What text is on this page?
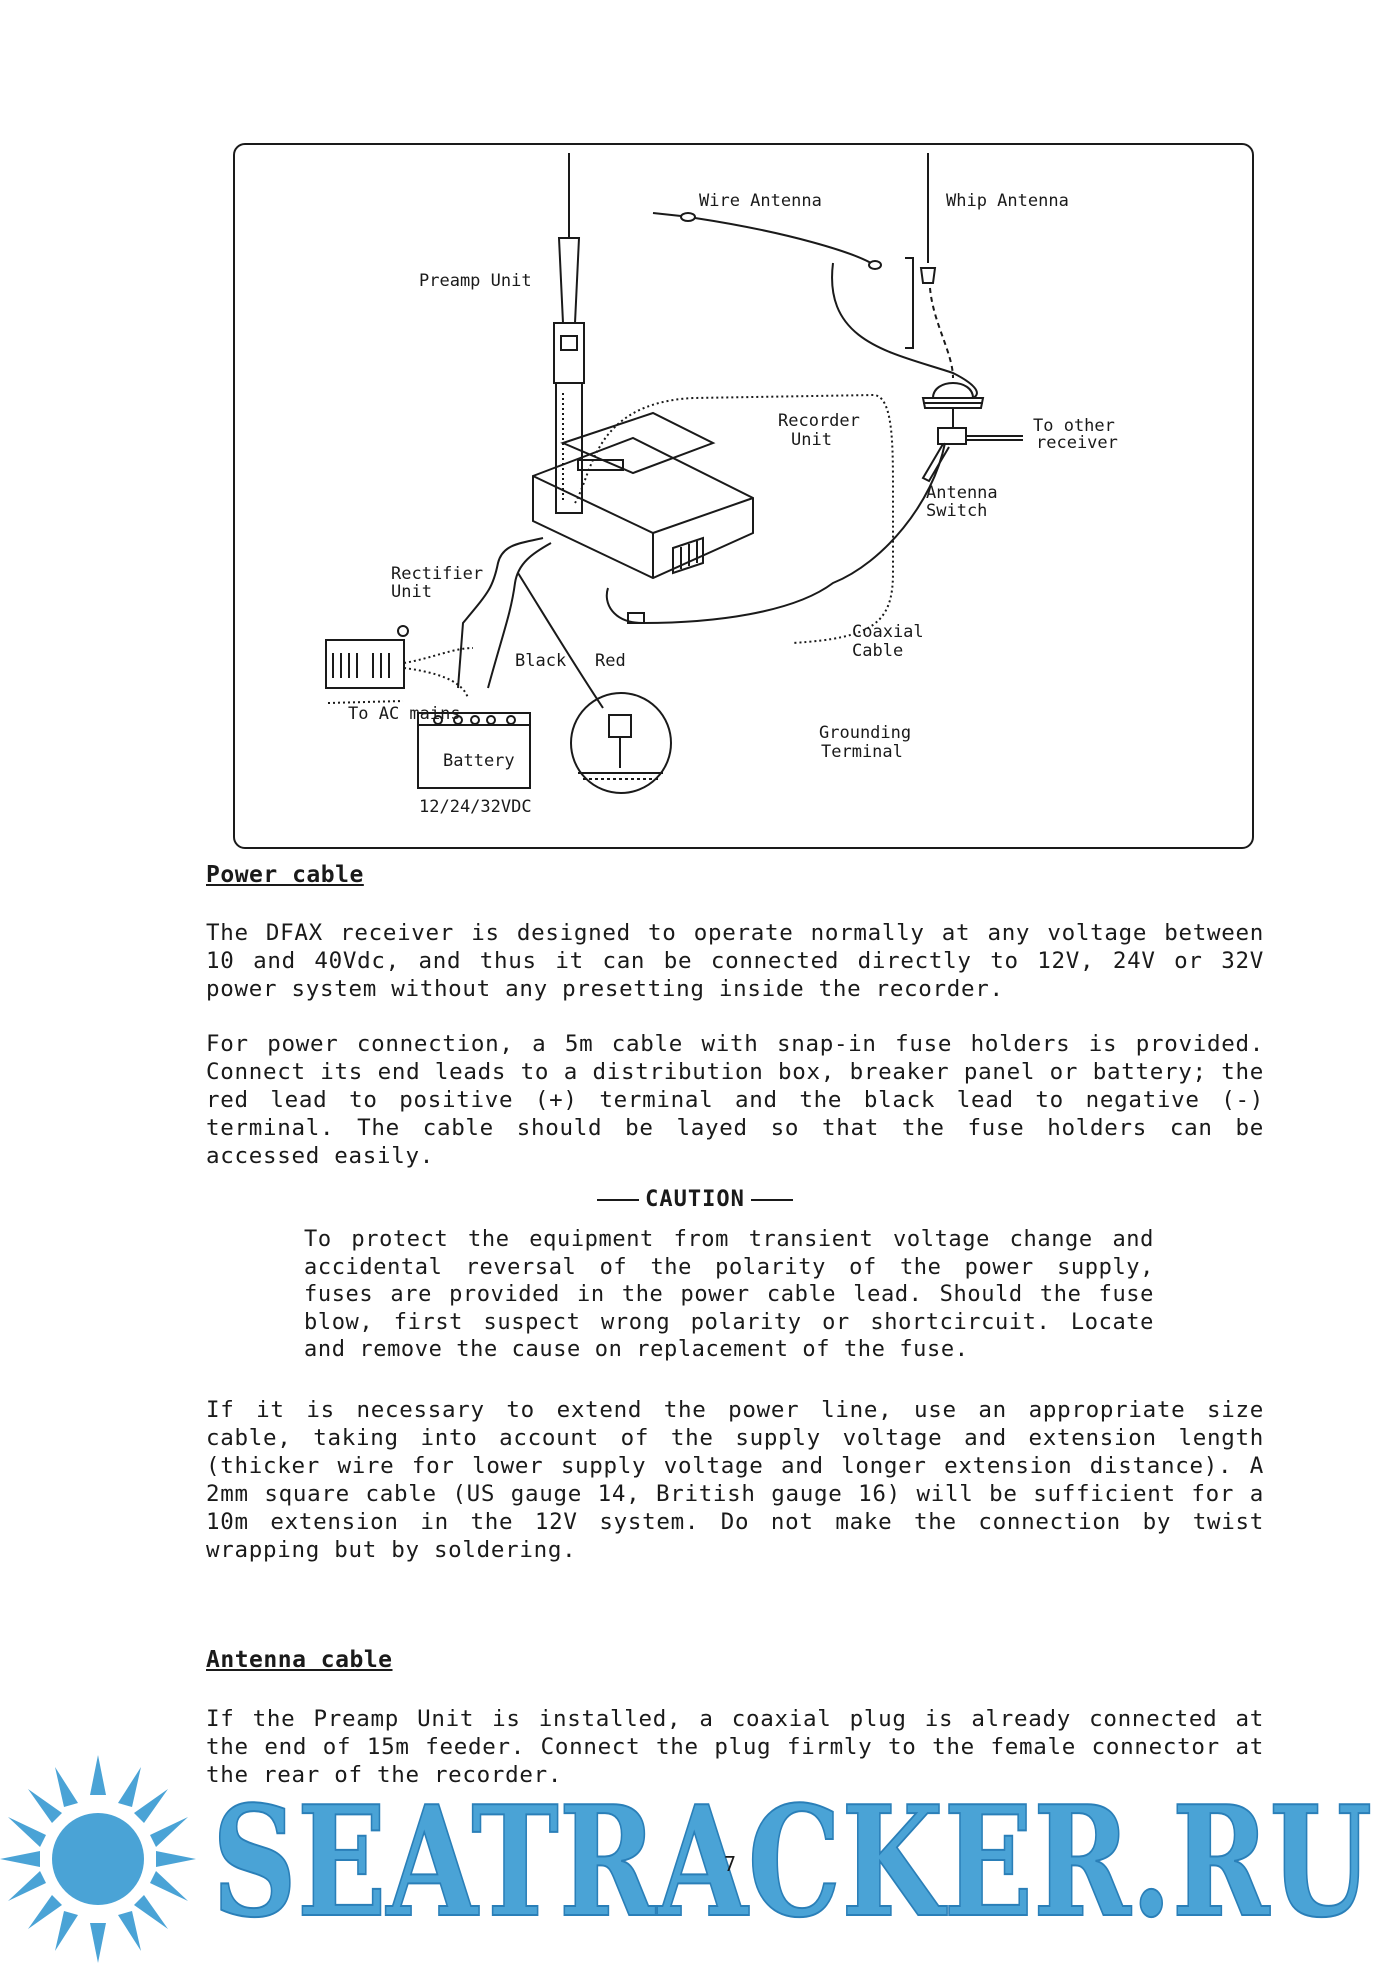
Wire Antenna	Whip Antenna
Preamp Unit
Recorder
Unit
To other
receiver
Antenna
Switch
Rectifier
Unit
Coaxial
Cable
Black Red
To AC mains
Battery
12/24/32VDC
Grounding
Terminal
Power cable

The DFAX receiver is designed to operate normally at any voltage between 10 and 40Vdc, and thus it can be connected directly to 12V, 24V or 32V power system without any presetting inside the recorder.

For power connection, a 5m cable with snap-in fuse holders is provided. Connect its end leads to a distribution box, breaker panel or battery; the red lead to positive (+) terminal and the black lead to negative (-) terminal. The cable should be layed so that the fuse holders can be accessed easily.

CAUTION

To protect the equipment from transient voltage change and accidental reversal of the polarity of the power supply, fuses are provided in the power cable lead. Should the fuse blow, first suspect wrong polarity or shortcircuit. Locate and remove the cause on replacement of the fuse.

If it is necessary to extend the power line, use an appropriate size cable, taking into account of the supply voltage and extension length (thicker wire for lower supply voltage and longer extension distance). A 2mm square cable (US gauge 14, British gauge 16) will be sufficient for a 10m extension in the 12V system. Do not make the connection by twist wrapping but by soldering.

Antenna cable

If the Preamp Unit is installed, a coaxial plug is already connected at the end of 15m feeder. Connect the plug firmly to the female connector at the rear of the recorder.

SEATRACKER.RU
7
